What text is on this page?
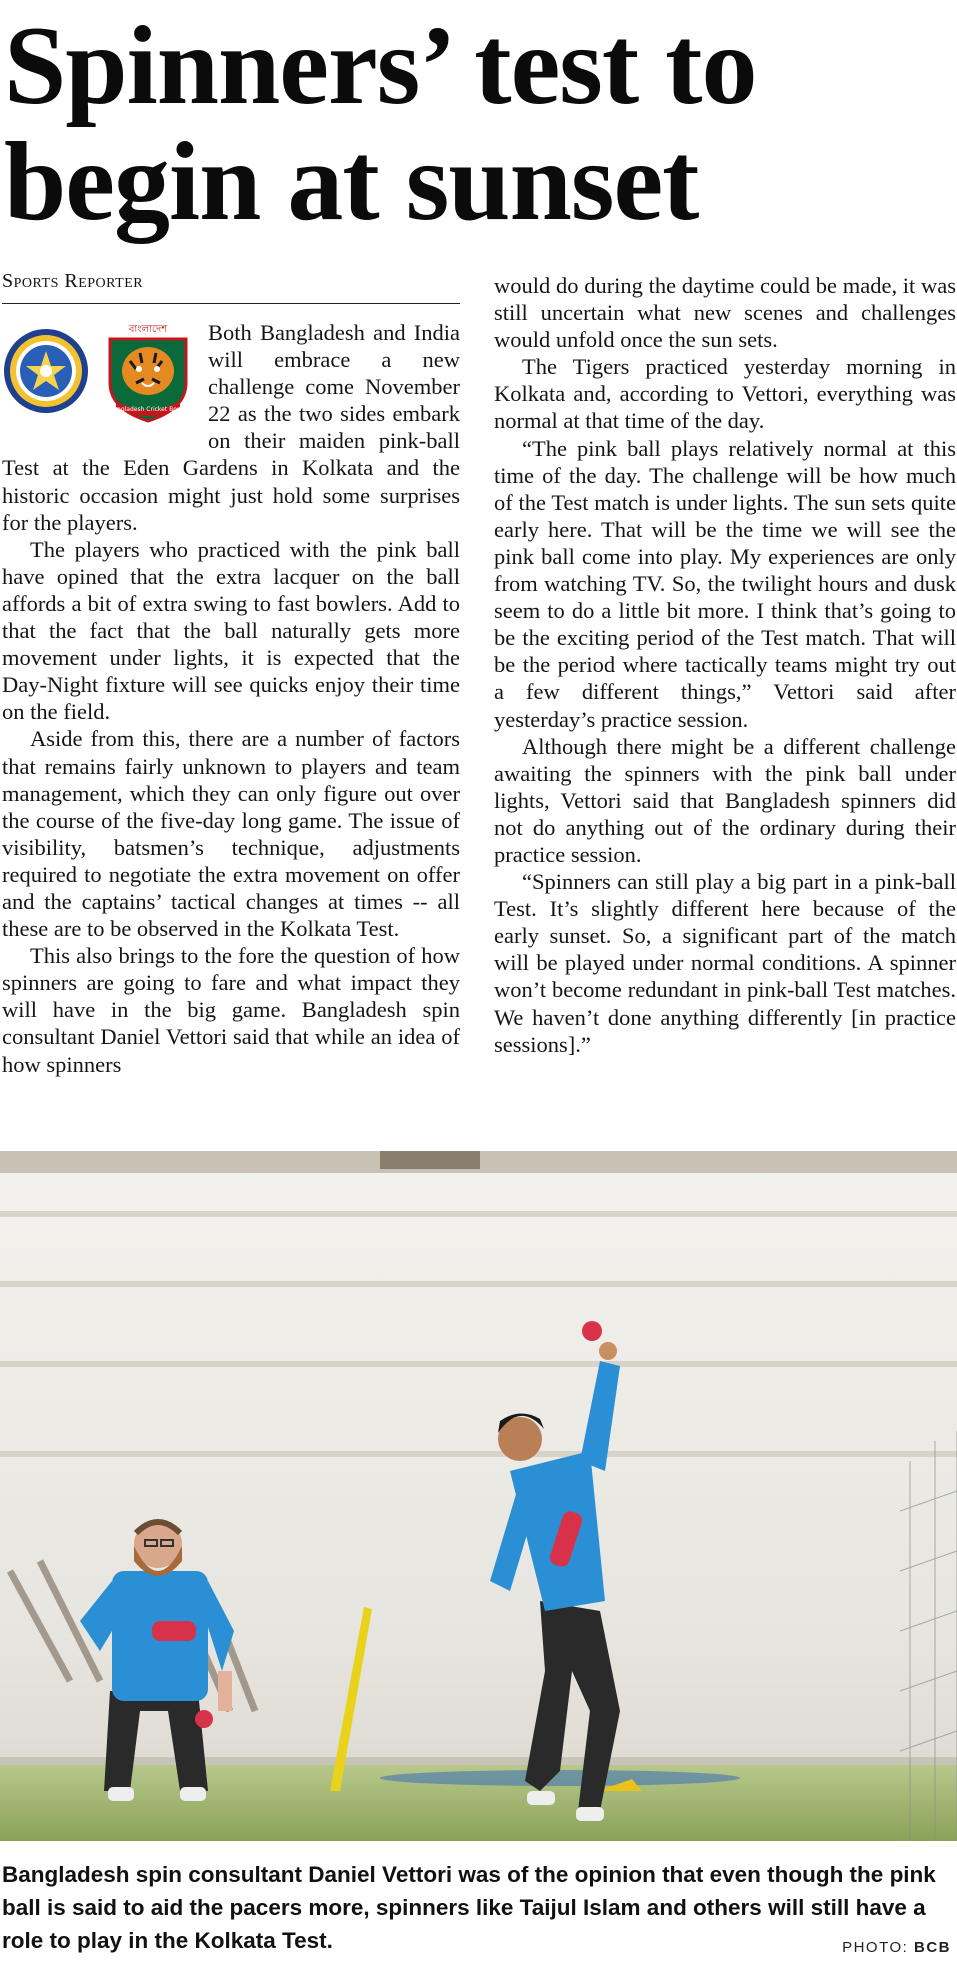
Spinners’ test to
begin at sunset
Sports Reporter
বাংলাদেশ
Bangladesh Cricket Board

Both Bangladesh and India will embrace a new challenge come November 22 as the two sides embark on their maiden pink-ball Test at the Eden Gardens in Kolkata and the historic occasion might just hold some surprises for the players.

The players who practiced with the pink ball have opined that the extra lacquer on the ball affords a bit of extra swing to fast bowlers. Add to that the fact that the ball naturally gets more movement under lights, it is expected that the Day-Night fixture will see quicks enjoy their time on the field.

Aside from this, there are a number of factors that remains fairly unknown to players and team management, which they can only figure out over the course of the five-day long game. The issue of visibility, batsmen’s technique, adjustments required to negotiate the extra movement on offer and the captains’ tactical changes at times -- all these are to be observed in the Kolkata Test.

This also brings to the fore the question of how spinners are going to fare and what impact they will have in the big game. Bangladesh spin consultant Daniel Vettori said that while an idea of how spinners

would do during the daytime could be made, it was still uncertain what new scenes and challenges would unfold once the sun sets.

The Tigers practiced yesterday morning in Kolkata and, according to Vettori, everything was normal at that time of the day.

“The pink ball plays relatively normal at this time of the day. The challenge will be how much of the Test match is under lights. The sun sets quite early here. That will be the time we will see the pink ball come into play. My experiences are only from watching TV. So, the twilight hours and dusk seem to do a little bit more. I think that’s going to be the exciting period of the Test match. That will be the period where tactically teams might try out a few different things,” Vettori said after yesterday’s practice session.

Although there might be a different challenge awaiting the spinners with the pink ball under lights, Vettori said that Bangladesh spinners did not do anything out of the ordinary during their practice session.

“Spinners can still play a big part in a pink-ball Test. It’s slightly different here because of the early sunset. So, a significant part of the match will be played under normal conditions. A spinner won’t become redundant in pink-ball Test matches. We haven’t done anything differently [in practice sessions].”

Bangladesh spin consultant Daniel Vettori was of the opinion that even though the pink ball is said to aid the pacers more, spinners like Taijul Islam and others will still have a role to play in the Kolkata Test.	PHOTO: BCB
